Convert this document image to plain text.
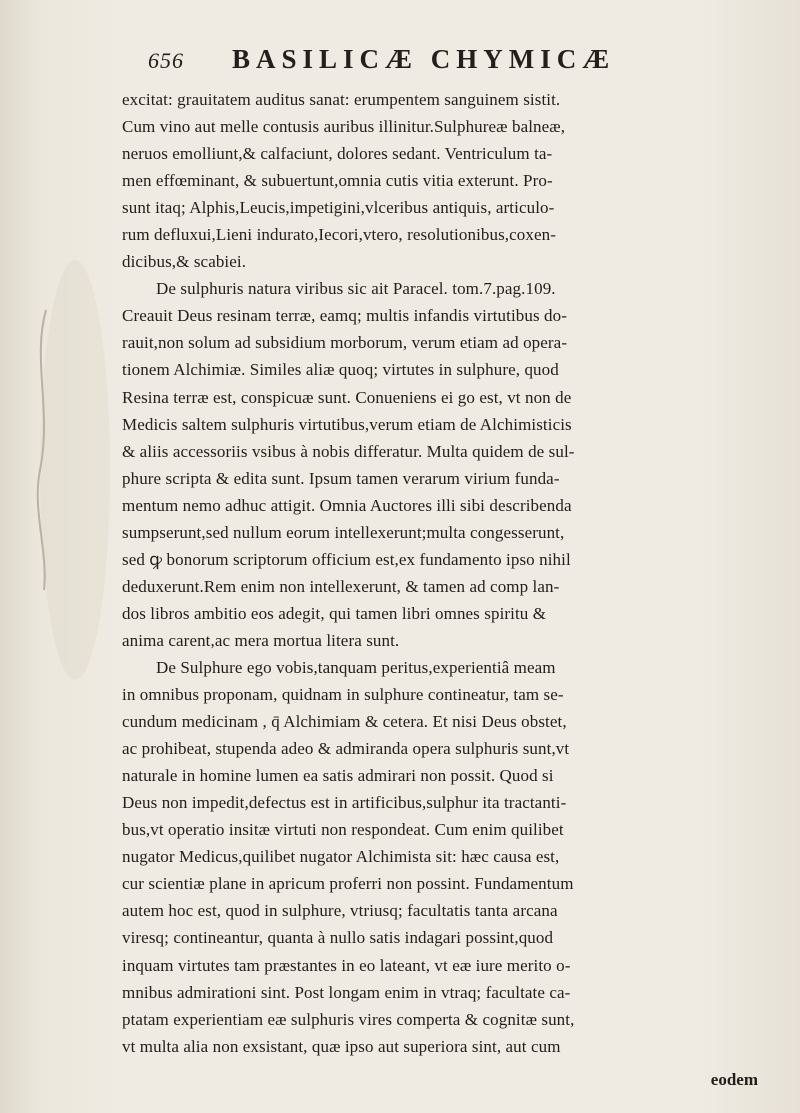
656 BASILICÆ CHYMICÆ
excitat: grauitatem auditus sanat: erumpentem sanguinem sistit.
Cum vino aut melle contusis auribus illinitur.Sulphureæ balneæ,
neruos emolliunt,& calfaciunt, dolores sedant. Ventriculum ta-
men effœminant, & subuertunt,omnia cutis vitia exterunt. Pro-
sunt itaq; Alphis,Leucis,impetigini,vlceribus antiquis, articulo-
rum defluxui,Lieni indurato,Iecori,vtero, resolutionibus,coxen-
dicibus,& scabiei.
De sulphuris natura viribus sic ait Paracel. tom.7.pag.109.
Creauit Deus resinam terræ, eamq; multis infandis virtutibus do-
rauit,non solum ad subsidium morborum, verum etiam ad opera-
tionem Alchimiæ. Similes aliæ quoq; virtutes in sulphure, quod
Resina terræ est, conspicuæ sunt. Conueniens ei go est, vt non de
Medicis saltem sulphuris virtutibus,verum etiam de Alchimisticis
& aliis accessoriis vsibus à nobis differatur. Multa quidem de sul-
phure scripta & edita sunt. Ipsum tamen verarum virium funda-
mentum nemo adhuc attigit. Omnia Auctores illi sibi describenda
sumpserunt,sed nullum eorum intellexerunt;multa congesserunt,
sed ꝙ bonorum scriptorum officium est,ex fundamento ipso nihil
deduxerunt.Rem enim non intellexerunt, & tamen ad comp lan-
dos libros ambitio eos adegit, qui tamen libri omnes spiritu &
anima carent,ac mera mortua litera sunt.
De Sulphure ego vobis,tanquam peritus,experientiâ meam
in omnibus proponam, quidnam in sulphure contineatur, tam se-
cundum medicinam , q̄ Alchimiam & cetera. Et nisi Deus obstet,
ac prohibeat, stupenda adeo & admiranda opera sulphuris sunt,vt
naturale in homine lumen ea satis admirari non possit. Quod si
Deus non impedit,defectus est in artificibus,sulphur ita tractanti-
bus,vt operatio insitæ virtuti non respondeat. Cum enim quilibet
nugator Medicus,quilibet nugator Alchimista sit: hæc causa est,
cur scientiæ plane in apricum proferri non possint. Fundamentum
autem hoc est, quod in sulphure, vtriusq; facultatis tanta arcana
viresq; contineantur, quanta à nullo satis indagari possint,quod
inquam virtutes tam præstantes in eo lateant, vt eæ iure merito o-
mnibus admirationi sint. Post longam enim in vtraq; facultate ca-
ptatam experientiam eæ sulphuris vires comperta & cognitæ sunt,
vt multa alia non exsistant, quæ ipso aut superiora sint, aut cum
eodem
